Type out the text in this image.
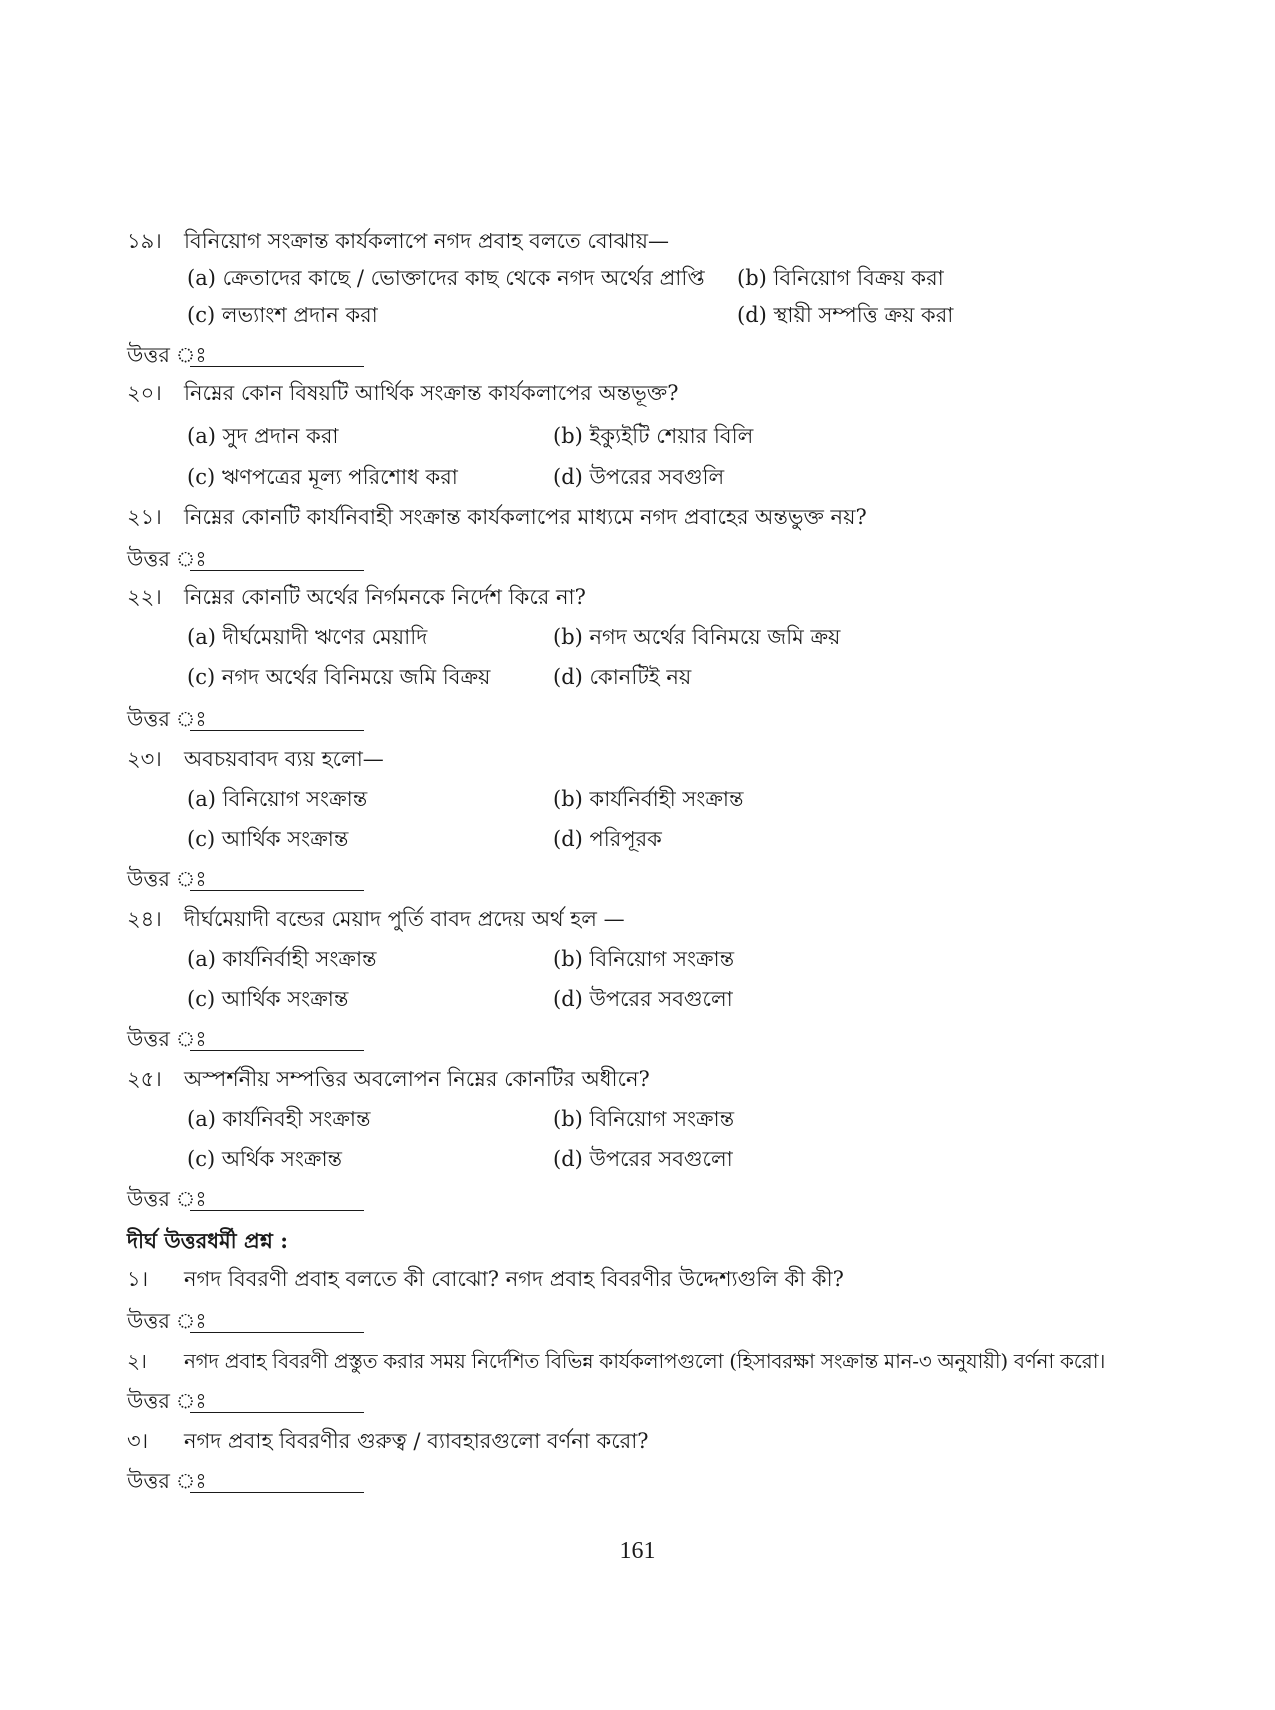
১৯। বিনিয়োগ সংক্রান্ত কার্যকলাপে নগদ প্রবাহ বলতে বোঝায়—
(a) ক্রেতাদের কাছে / ভোক্তাদের কাছ থেকে নগদ অর্থের প্রাপ্তি (b) বিনিয়োগ বিক্রয় করা
(c) লভ্যাংশ প্রদান করা	(d) স্থায়ী সম্পত্তি ক্রয় করা
উত্তর ঃ
২০। নিম্নের কোন বিষয়টি আর্থিক সংক্রান্ত কার্যকলাপের অন্তভূক্ত?
(a) সুদ প্রদান করা	(b) ইক্যুইটি শেয়ার বিলি
(c) ঋণপত্রের মূল্য পরিশোধ করা	(d) উপরের সবগুলি
২১। নিম্নের কোনটি কার্যনিবাহী সংক্রান্ত কার্যকলাপের মাধ্যমে নগদ প্রবাহের অন্তভুক্ত নয়?
উত্তর ঃ
২২। নিম্নের কোনটি অর্থের নির্গমনকে নির্দেশ কিরে না?
(a) দীর্ঘমেয়াদী ঋণের মেয়াদি	(b) নগদ অর্থের বিনিময়ে জমি ক্রয়
(c) নগদ অর্থের বিনিময়ে জমি বিক্রয়	(d) কোনটিই নয়
উত্তর ঃ
২৩। অবচয়বাবদ ব্যয় হলো—
(a) বিনিয়োগ সংক্রান্ত	(b) কার্যনির্বাহী সংক্রান্ত
(c) আর্থিক সংক্রান্ত	(d) পরিপূরক
উত্তর ঃ
২৪। দীর্ঘমেয়াদী বন্ডের মেয়াদ পুর্তি বাবদ প্রদেয় অর্থ হল —
(a) কার্যনির্বাহী সংক্রান্ত	(b) বিনিয়োগ সংক্রান্ত
(c) আর্থিক সংক্রান্ত	(d) উপরের সবগুলো
উত্তর ঃ
২৫। অস্পর্শনীয় সম্পত্তির অবলোপন নিম্নের কোনটির অধীনে?
(a) কার্যনিবহী সংক্রান্ত	(b) বিনিয়োগ সংক্রান্ত
(c) অর্থিক সংক্রান্ত	(d) উপরের সবগুলো
উত্তর ঃ
দীর্ঘ উত্তরধর্মী প্রশ্ন :
১। নগদ বিবরণী প্রবাহ বলতে কী বোঝো? নগদ প্রবাহ বিবরণীর উদ্দেশ্যগুলি কী কী?
উত্তর ঃ
২। নগদ প্রবাহ বিবরণী প্রস্তুত করার সময় নির্দেশিত বিভিন্ন কার্যকলাপগুলো (হিসাবরক্ষা সংক্রান্ত মান-৩ অনুযায়ী) বর্ণনা করো।
উত্তর ঃ
৩। নগদ প্রবাহ বিবরণীর গুরুত্ব / ব্যাবহারগুলো বর্ণনা করো?
উত্তর ঃ
161
